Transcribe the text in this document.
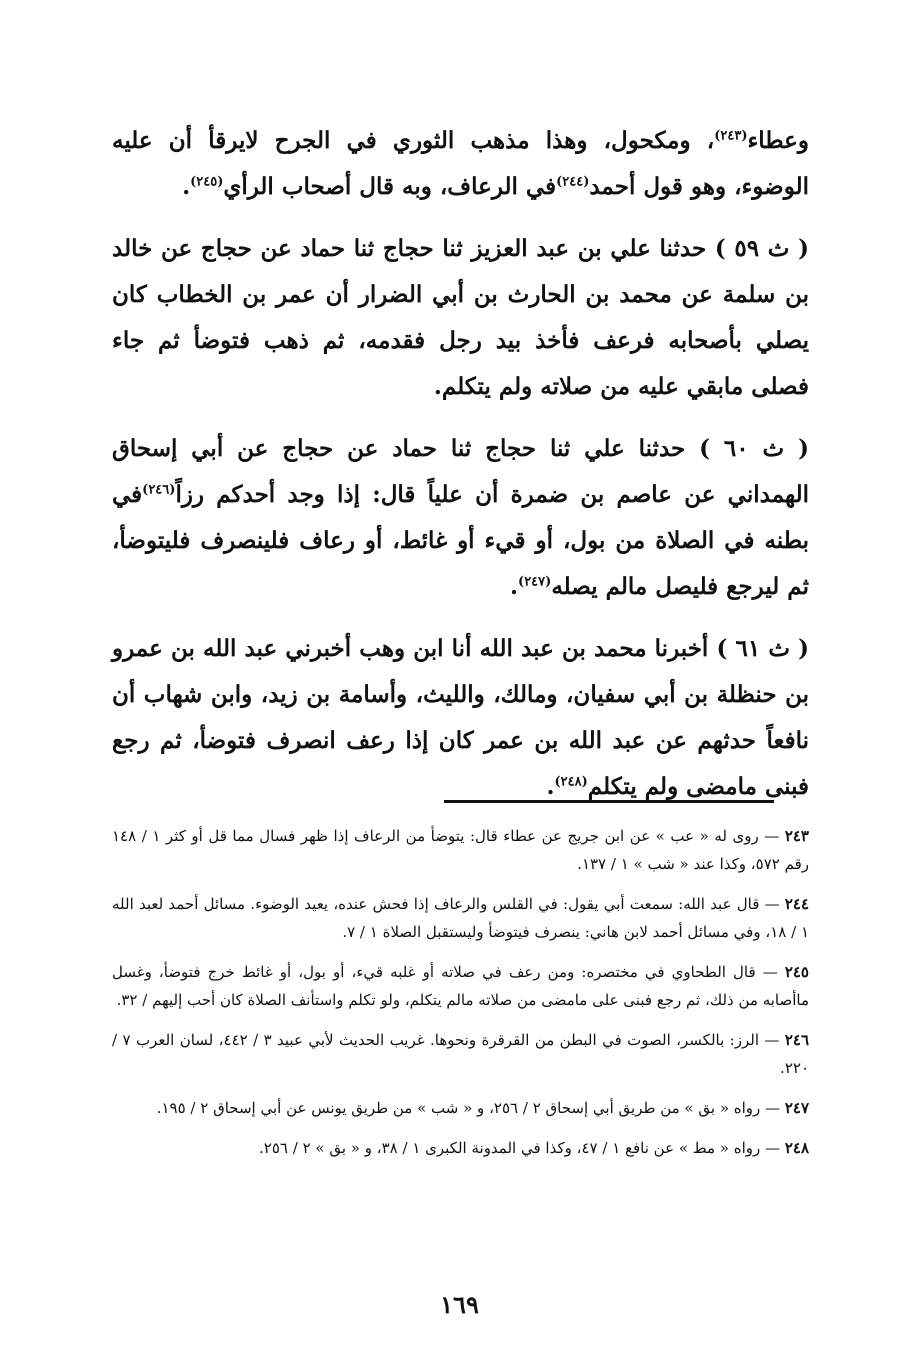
وعطاء$^{(٢٤٣)}$، ومكحول، وهذا مذهب الثوري في الجرح لايرقأ أن عليه الوضوء، وهو قول أحمد$^{(٢٤٤)}$في الرعاف، وبه قال أصحاب الرأي$^{(٢٤٥)}$.

( ث ٥٩ ) حدثنا علي بن عبد العزيز ثنا حجاج ثنا حماد عن حجاج عن خالد بن سلمة عن محمد بن الحارث بن أبي الضرار أن عمر بن الخطاب كان يصلي بأصحابه فرعف فأخذ بيد رجل فقدمه، ثم ذهب فتوضأ ثم جاء فصلى مابقي عليه من صلاته ولم يتكلم.

( ث ٦٠ ) حدثنا علي ثنا حجاج ثنا حماد عن حجاج عن أبي إسحاق الهمداني عن عاصم بن ضمرة أن علياً قال: إذا وجد أحدكم رزاً$^{(٢٤٦)}$في بطنه في الصلاة من بول، أو قيء أو غائط، أو رعاف فلينصرف فليتوضأ، ثم ليرجع فليصل مالم يصله$^{(٢٤٧)}$.

( ث ٦١ ) أخبرنا محمد بن عبد الله أنا ابن وهب أخبرني عبد الله بن عمرو بن حنظلة بن أبي سفيان، ومالك، والليث، وأسامة بن زيد، وابن شهاب أن نافعاً حدثهم عن عبد الله بن عمر كان إذا رعف انصرف فتوضأ، ثم رجع فبنى مامضى ولم يتكلم$^{(٢٤٨)}$.

٢٤٣ — روى له « عب » عن ابن جريج عن عطاء قال: يتوضأ من الرعاف إذا ظهر فسال مما قل أو كثر ١ / ١٤٨ رقم ٥٧٢، وكذا عند « شب » ١ / ١٣٧.

٢٤٤ — قال عبد الله: سمعت أبي يقول: في القلس والرعاف إذا فحش عنده، يعيد الوضوء. مسائل أحمد لعبد الله ١ / ١٨، وفي مسائل أحمد لابن هاني: ينصرف فيتوضأ وليستقبل الصلاة ١ / ٧.

٢٤٥ — قال الطحاوي في مختصره: ومن رعف في صلاته أو غلبه قيء، أو بول، أو غائط خرج فتوضأ، وغسل ماأصابه من ذلك، ثم رجع فبنى على مامضى من صلاته مالم يتكلم، ولو تكلم واستأنف الصلاة كان أحب إليهم / ٣٢.

٢٤٦ — الرز: بالكسر، الصوت في البطن من القرقرة ونحوها. غريب الحديث لأبي عبيد ٣ / ٤٤٢، لسان العرب ٧ / ٢٢٠.

٢٤٧ — رواه « بق » من طريق أبي إسحاق ٢ / ٢٥٦، و « شب » من طريق يونس عن أبي إسحاق ٢ / ١٩٥.

٢٤٨ — رواه « مط » عن نافع ١ / ٤٧، وكذا في المدونة الكبرى ١ / ٣٨، و « بق » ٢ / ٢٥٦.

١٦٩
